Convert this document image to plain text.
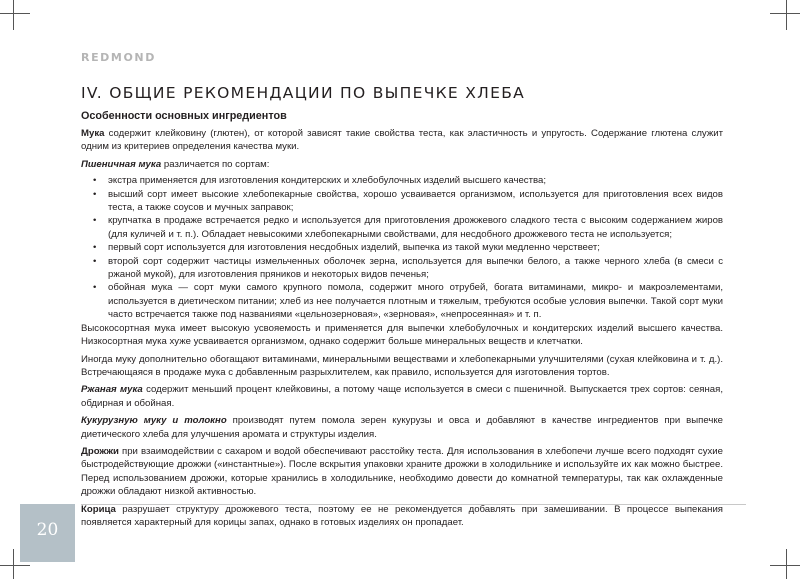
REDMOND
IV. ОБЩИЕ РЕКОМЕНДАЦИИ ПО ВЫПЕЧКЕ ХЛЕБА
Особенности основных ингредиентов

Мука содержит клейковину (глютен), от которой зависят такие свойства теста, как эластичность и упругость. Содержание глютена служит одним из критериев определения качества муки.

Пшеничная мука различается по сортам:

• экстра применяется для изготовления кондитерских и хлебобулочных изделий высшего качества;
• высший сорт имеет высокие хлебопекарные свойства, хорошо усваивается организмом, используется для приготовления всех видов теста, а также соусов и мучных заправок;
• крупчатка в продаже встречается редко и используется для приготовления дрожжевого сладкого теста с высоким содержанием жиров (для куличей и т. п.). Обладает невысокими хлебопекарными свойствами, для несдобного дрожжевого теста не используется;
• первый сорт используется для изготовления несдобных изделий, выпечка из такой муки медленно черствеет;
• второй сорт содержит частицы измельченных оболочек зерна, используется для выпечки белого, а также черного хлеба (в смеси с ржаной мукой), для изготовления пряников и некоторых видов печенья;
• обойная мука — сорт муки самого крупного помола, содержит много отрубей, богата витаминами, микро- и макроэлементами, используется в диетическом питании; хлеб из нее получается плотным и тяжелым, требуются особые условия выпечки. Такой сорт муки часто встречается также под названиями «цельнозерновая», «зерновая», «непросеянная» и т. п.

Высокосортная мука имеет высокую усвояемость и применяется для выпечки хлебобулочных и кондитерских изделий высшего качества. Низкосортная мука хуже усваивается организмом, однако содержит больше минеральных веществ и клетчатки.

Иногда муку дополнительно обогащают витаминами, минеральными веществами и хлебопекарными улучшителями (сухая клейковина и т. д.). Встречающаяся в продаже мука с добавленным разрыхлителем, как правило, используется для изготовления тортов.

Ржаная мука содержит меньший процент клейковины, а потому чаще используется в смеси с пшеничной. Выпускается трех сортов: сеяная, обдирная и обойная.

Кукурузную муку и толокно производят путем помола зерен кукурузы и овса и добавляют в качестве ингредиентов при выпечке диетического хлеба для улучшения аромата и структуры изделия.

Дрожжи при взаимодействии с сахаром и водой обеспечивают расстойку теста. Для использования в хлебопечи лучше всего подходят сухие быстродействующие дрожжи («инстантные»). После вскрытия упаковки храните дрожжи в холодильнике и используйте их как можно быстрее. Перед использованием дрожжи, которые хранились в холодильнике, необходимо довести до комнатной температуры, так как охлажденные дрожжи обладают низкой активностью.

Корица разрушает структуру дрожжевого теста, поэтому ее не рекомендуется добавлять при замешивании. В процессе выпекания появляется характерный для корицы запах, однако в готовых изделиях он пропадает.

20
